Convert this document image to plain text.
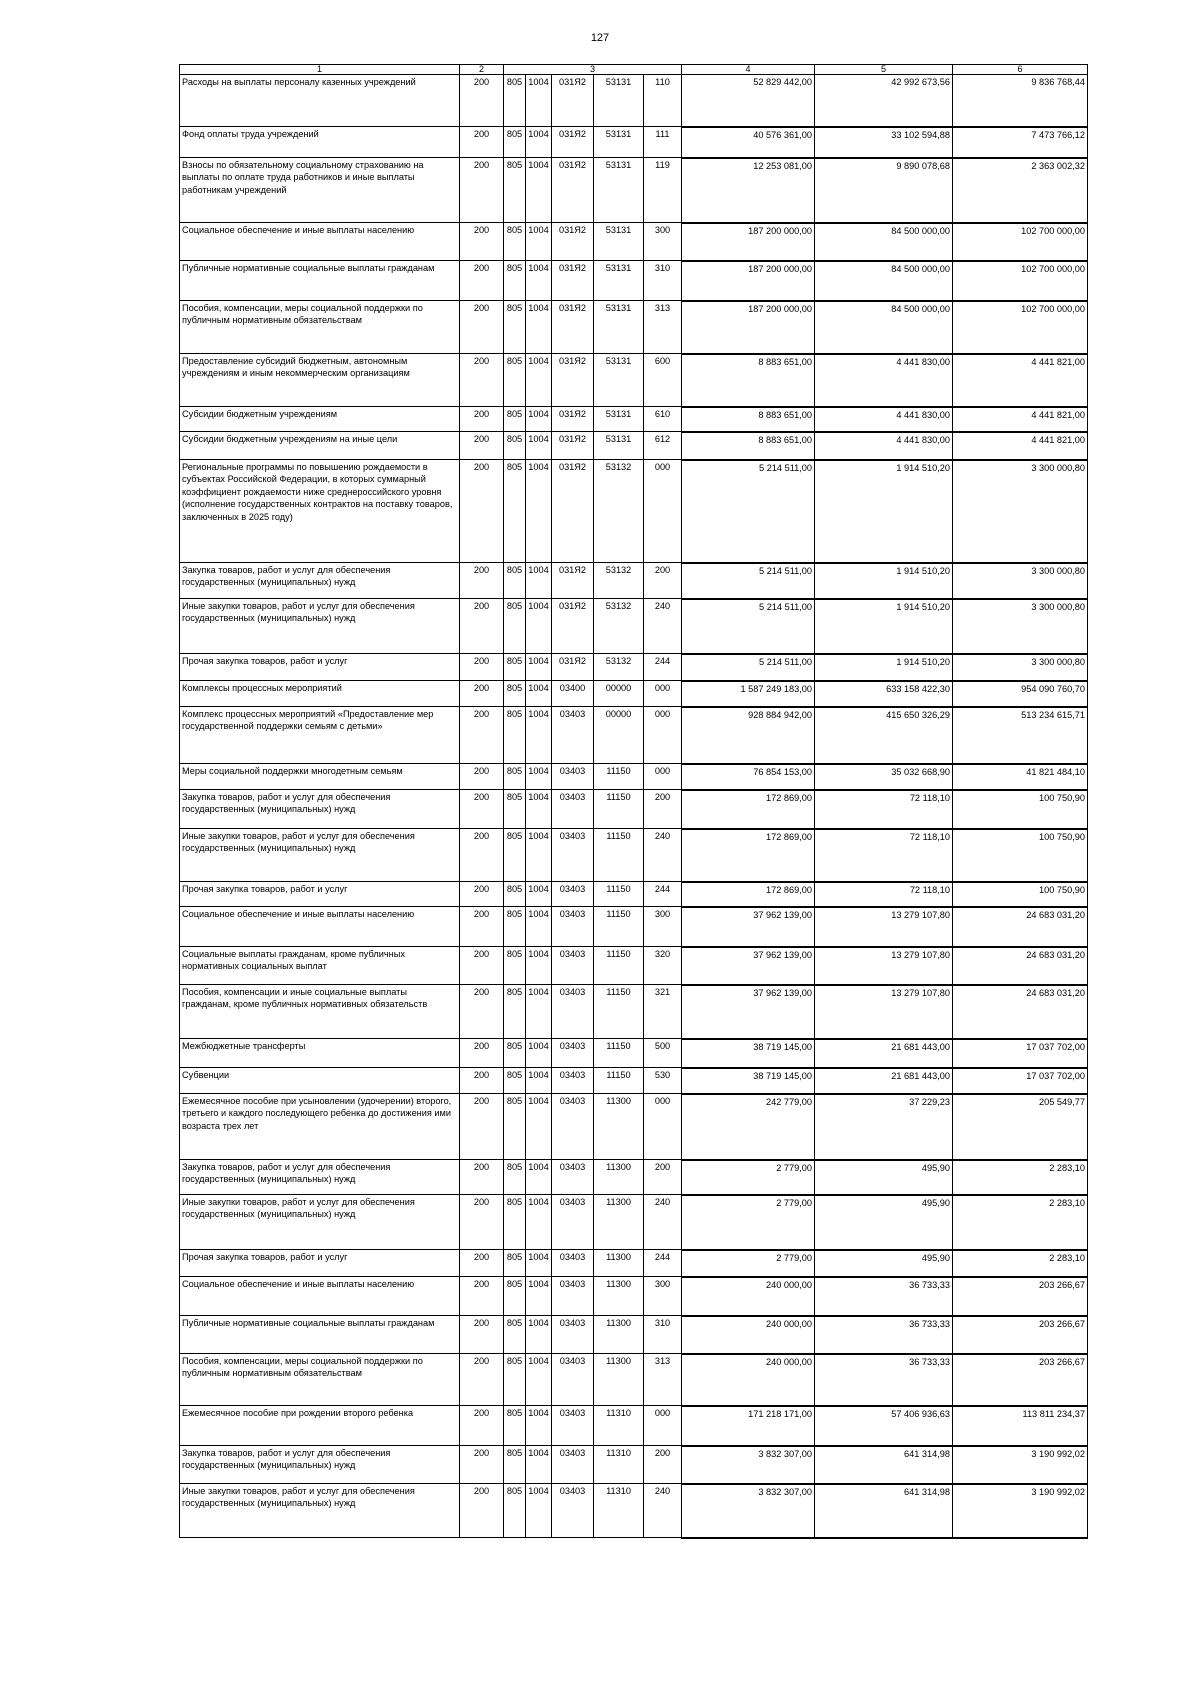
127
1	2	3					4	5	6
Расходы на выплаты персоналу казенных учреждений	200	805	1004	031Я2	53131	110	52 829 442,00	42 992 673,56	9 836 768,44
Фонд оплаты труда учреждений	200	805	1004	031Я2	53131	111	40 576 361,00	33 102 594,88	7 473 766,12
Взносы по обязательному социальному страхованию на выплаты по оплате труда работников и иные выплаты работникам учреждений	200	805	1004	031Я2	53131	119	12 253 081,00	9 890 078,68	2 363 002,32
Социальное обеспечение и иные выплаты населению	200	805	1004	031Я2	53131	300	187 200 000,00	84 500 000,00	102 700 000,00
Публичные нормативные социальные выплаты гражданам	200	805	1004	031Я2	53131	310	187 200 000,00	84 500 000,00	102 700 000,00
Пособия, компенсации, меры социальной поддержки по публичным нормативным обязательствам	200	805	1004	031Я2	53131	313	187 200 000,00	84 500 000,00	102 700 000,00
Предоставление субсидий бюджетным, автономным учреждениям и иным некоммерческим организациям	200	805	1004	031Я2	53131	600	8 883 651,00	4 441 830,00	4 441 821,00
Субсидии бюджетным учреждениям	200	805	1004	031Я2	53131	610	8 883 651,00	4 441 830,00	4 441 821,00
Субсидии бюджетным учреждениям на иные цели	200	805	1004	031Я2	53131	612	8 883 651,00	4 441 830,00	4 441 821,00
Региональные программы по повышению рождаемости в субъектах Российской Федерации, в которых суммарный коэффициент рождаемости ниже среднероссийского уровня (исполнение государственных контрактов на поставку товаров, заключенных в 2025 году)	200	805	1004	031Я2	53132	000	5 214 511,00	1 914 510,20	3 300 000,80
Закупка товаров, работ и услуг для обеспечения государственных (муниципальных) нужд	200	805	1004	031Я2	53132	200	5 214 511,00	1 914 510,20	3 300 000,80
Иные закупки товаров, работ и услуг для обеспечения государственных (муниципальных) нужд	200	805	1004	031Я2	53132	240	5 214 511,00	1 914 510,20	3 300 000,80
Прочая закупка товаров, работ и услуг	200	805	1004	031Я2	53132	244	5 214 511,00	1 914 510,20	3 300 000,80
Комплексы процессных мероприятий	200	805	1004	03400	00000	000	1 587 249 183,00	633 158 422,30	954 090 760,70
Комплекс процессных мероприятий «Предоставление мер государственной поддержки семьям с детьми»	200	805	1004	03403	00000	000	928 884 942,00	415 650 326,29	513 234 615,71
Меры социальной поддержки многодетным семьям	200	805	1004	03403	11150	000	76 854 153,00	35 032 668,90	41 821 484,10
Закупка товаров, работ и услуг для обеспечения государственных (муниципальных) нужд	200	805	1004	03403	11150	200	172 869,00	72 118,10	100 750,90
Иные закупки товаров, работ и услуг для обеспечения государственных (муниципальных) нужд	200	805	1004	03403	11150	240	172 869,00	72 118,10	100 750,90
Прочая закупка товаров, работ и услуг	200	805	1004	03403	11150	244	172 869,00	72 118,10	100 750,90
Социальное обеспечение и иные выплаты населению	200	805	1004	03403	11150	300	37 962 139,00	13 279 107,80	24 683 031,20
Социальные выплаты гражданам, кроме публичных нормативных социальных выплат	200	805	1004	03403	11150	320	37 962 139,00	13 279 107,80	24 683 031,20
Пособия, компенсации и иные социальные выплаты гражданам, кроме публичных нормативных обязательств	200	805	1004	03403	11150	321	37 962 139,00	13 279 107,80	24 683 031,20
Межбюджетные трансферты	200	805	1004	03403	11150	500	38 719 145,00	21 681 443,00	17 037 702,00
Субвенции	200	805	1004	03403	11150	530	38 719 145,00	21 681 443,00	17 037 702,00
Ежемесячное пособие при усыновлении (удочерении) второго, третьего и каждого последующего ребенка до достижения ими возраста трех лет	200	805	1004	03403	11300	000	242 779,00	37 229,23	205 549,77
Закупка товаров, работ и услуг для обеспечения государственных (муниципальных) нужд	200	805	1004	03403	11300	200	2 779,00	495,90	2 283,10
Иные закупки товаров, работ и услуг для обеспечения государственных (муниципальных) нужд	200	805	1004	03403	11300	240	2 779,00	495,90	2 283,10
Прочая закупка товаров, работ и услуг	200	805	1004	03403	11300	244	2 779,00	495,90	2 283,10
Социальное обеспечение и иные выплаты населению	200	805	1004	03403	11300	300	240 000,00	36 733,33	203 266,67
Публичные нормативные социальные выплаты гражданам	200	805	1004	03403	11300	310	240 000,00	36 733,33	203 266,67
Пособия, компенсации, меры социальной поддержки по публичным нормативным обязательствам	200	805	1004	03403	11300	313	240 000,00	36 733,33	203 266,67
Ежемесячное пособие при рождении второго ребенка	200	805	1004	03403	11310	000	171 218 171,00	57 406 936,63	113 811 234,37
Закупка товаров, работ и услуг для обеспечения государственных (муниципальных) нужд	200	805	1004	03403	11310	200	3 832 307,00	641 314,98	3 190 992,02
Иные закупки товаров, работ и услуг для обеспечения государственных (муниципальных) нужд	200	805	1004	03403	11310	240	3 832 307,00	641 314,98	3 190 992,02
